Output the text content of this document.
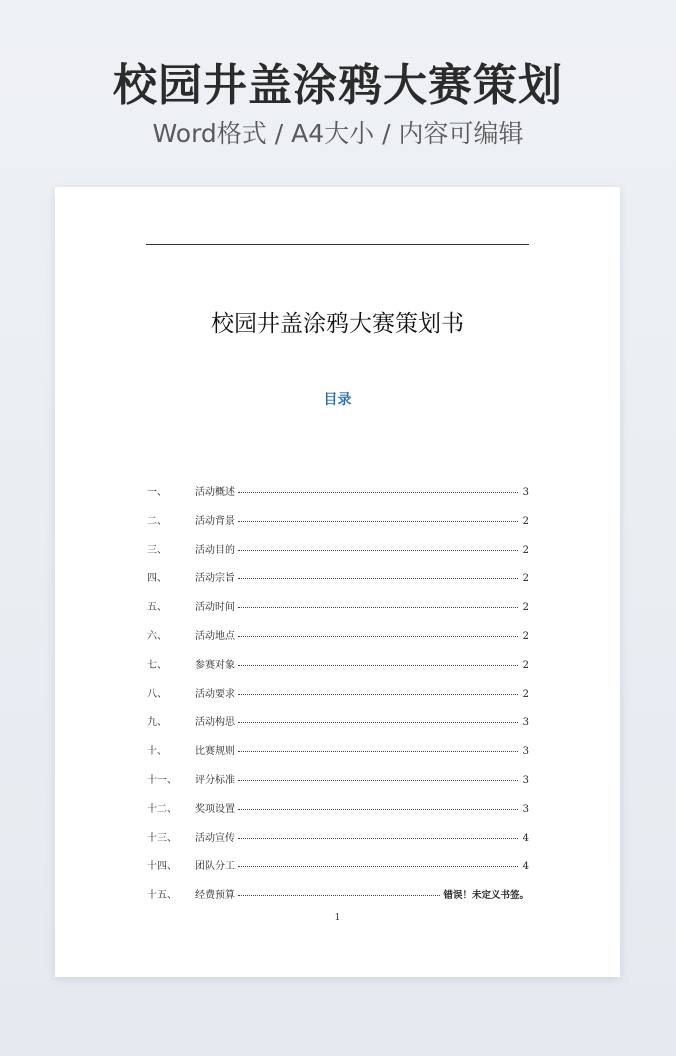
校园井盖涂鸦大赛策划
Word格式 / A4大小 / 内容可编辑
校园井盖涂鸦大赛策划书
目录
一、	活动概述	3
二、	活动背景	2
三、	活动目的	2
四、	活动宗旨	2
五、	活动时间	2
六、	活动地点	2
七、	参赛对象	2
八、	活动要求	2
九、	活动构思	3
十、	比赛规则	3
十一、	评分标准	3
十二、	奖项设置	3
十三、	活动宣传	4
十四、	团队分工	4
十五、	经费预算	错误！未定义书签。
1
